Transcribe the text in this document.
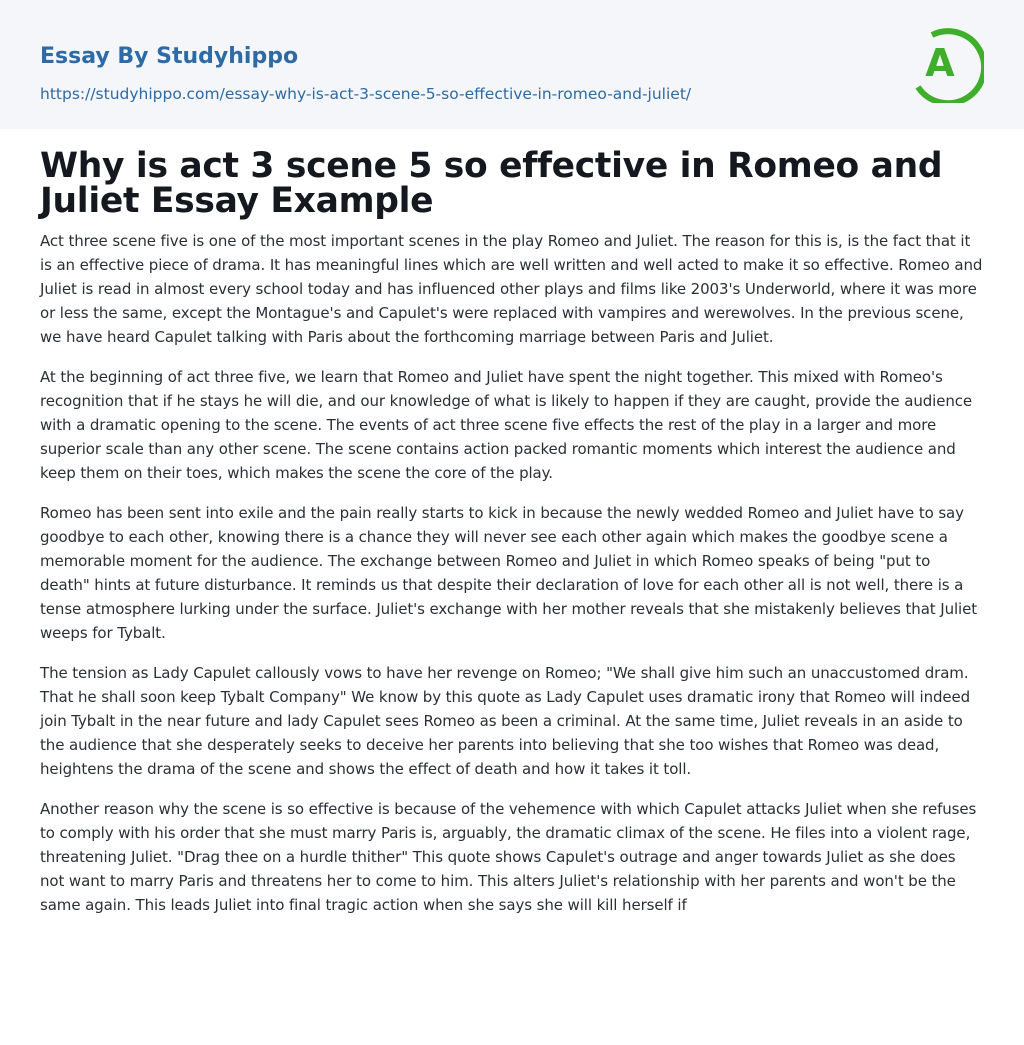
Essay By Studyhippo
https://studyhippo.com/essay-why-is-act-3-scene-5-so-effective-in-romeo-and-juliet/
A
Why is act 3 scene 5 so effective in Romeo and Juliet Essay Example

Act three scene five is one of the most important scenes in the play Romeo and Juliet. The reason for this is, is the fact that it is an effective piece of drama. It has meaningful lines which are well written and well acted to make it so effective. Romeo and Juliet is read in almost every school today and has influenced other plays and films like 2003's Underworld, where it was more or less the same, except the Montague's and Capulet's were replaced with vampires and werewolves. In the previous scene, we have heard Capulet talking with Paris about the forthcoming marriage between Paris and Juliet.

At the beginning of act three five, we learn that Romeo and Juliet have spent the night together. This mixed with Romeo's recognition that if he stays he will die, and our knowledge of what is likely to happen if they are caught, provide the audience with a dramatic opening to the scene. The events of act three scene five effects the rest of the play in a larger and more superior scale than any other scene. The scene contains action packed romantic moments which interest the audience and keep them on their toes, which makes the scene the core of the play.

Romeo has been sent into exile and the pain really starts to kick in because the newly wedded Romeo and Juliet have to say goodbye to each other, knowing there is a chance they will never see each other again which makes the goodbye scene a memorable moment for the audience. The exchange between Romeo and Juliet in which Romeo speaks of being "put to death" hints at future disturbance. It reminds us that despite their declaration of love for each other all is not well, there is a tense atmosphere lurking under the surface. Juliet's exchange with her mother reveals that she mistakenly believes that Juliet weeps for Tybalt.

The tension as Lady Capulet callously vows to have her revenge on Romeo; "We shall give him such an unaccustomed dram. That he shall soon keep Tybalt Company" We know by this quote as Lady Capulet uses dramatic irony that Romeo will indeed join Tybalt in the near future and lady Capulet sees Romeo as been a criminal. At the same time, Juliet reveals in an aside to the audience that she desperately seeks to deceive her parents into believing that she too wishes that Romeo was dead, heightens the drama of the scene and shows the effect of death and how it takes it toll.

Another reason why the scene is so effective is because of the vehemence with which Capulet attacks Juliet when she refuses to comply with his order that she must marry Paris is, arguably, the dramatic climax of the scene. He files into a violent rage, threatening Juliet. "Drag thee on a hurdle thither" This quote shows Capulet's outrage and anger towards Juliet as she does not want to marry Paris and threatens her to come to him. This alters Juliet's relationship with her parents and won't be the same again. This leads Juliet into final tragic action when she says she will kill herself if
